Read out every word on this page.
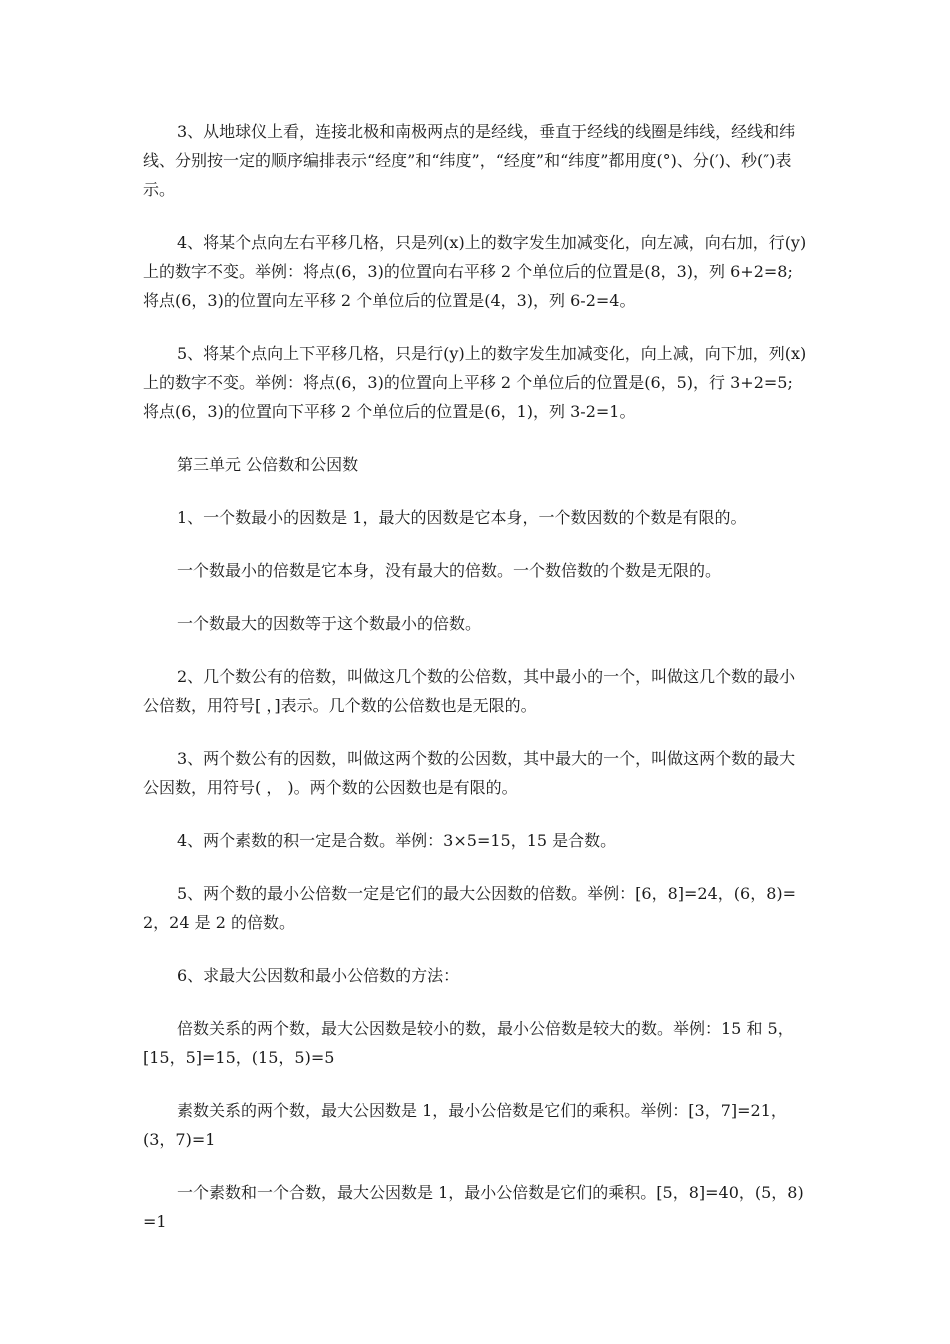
3、从地球仪上看，连接北极和南极两点的是经线，垂直于经线的线圈是纬线，经线和纬线、分别按一定的顺序编排表示“经度”和“纬度”，“经度”和“纬度”都用度(°)、分(′)、秒(″)表示。

4、将某个点向左右平移几格，只是列(x)上的数字发生加减变化，向左减，向右加，行(y)上的数字不变。举例：将点(6，3)的位置向右平移 2 个单位后的位置是(8，3)，列 6+2=8;将点(6，3)的位置向左平移 2 个单位后的位置是(4，3)，列 6-2=4。

5、将某个点向上下平移几格，只是行(y)上的数字发生加减变化，向上减，向下加，列(x)上的数字不变。举例：将点(6，3)的位置向上平移 2 个单位后的位置是(6，5)，行 3+2=5;将点(6，3)的位置向下平移 2 个单位后的位置是(6，1)，列 3-2=1。

第三单元 公倍数和公因数

1、一个数最小的因数是 1，最大的因数是它本身，一个数因数的个数是有限的。

一个数最小的倍数是它本身，没有最大的倍数。一个数倍数的个数是无限的。

一个数最大的因数等于这个数最小的倍数。

2、几个数公有的倍数，叫做这几个数的公倍数，其中最小的一个，叫做这几个数的最小公倍数，用符号[ ，]表示。几个数的公倍数也是无限的。

3、两个数公有的因数，叫做这两个数的公因数，其中最大的一个，叫做这两个数的最大公因数，用符号( ， )。两个数的公因数也是有限的。

4、两个素数的积一定是合数。举例：3×5=15，15 是合数。

5、两个数的最小公倍数一定是它们的最大公因数的倍数。举例：[6，8]=24，(6，8)=2，24 是 2 的倍数。

6、求最大公因数和最小公倍数的方法：

倍数关系的两个数，最大公因数是较小的数，最小公倍数是较大的数。举例：15 和 5，[15，5]=15，(15，5)=5

素数关系的两个数，最大公因数是 1，最小公倍数是它们的乘积。举例：[3，7]=21，(3，7)=1

一个素数和一个合数，最大公因数是 1，最小公倍数是它们的乘积。[5，8]=40，(5，8)=1
